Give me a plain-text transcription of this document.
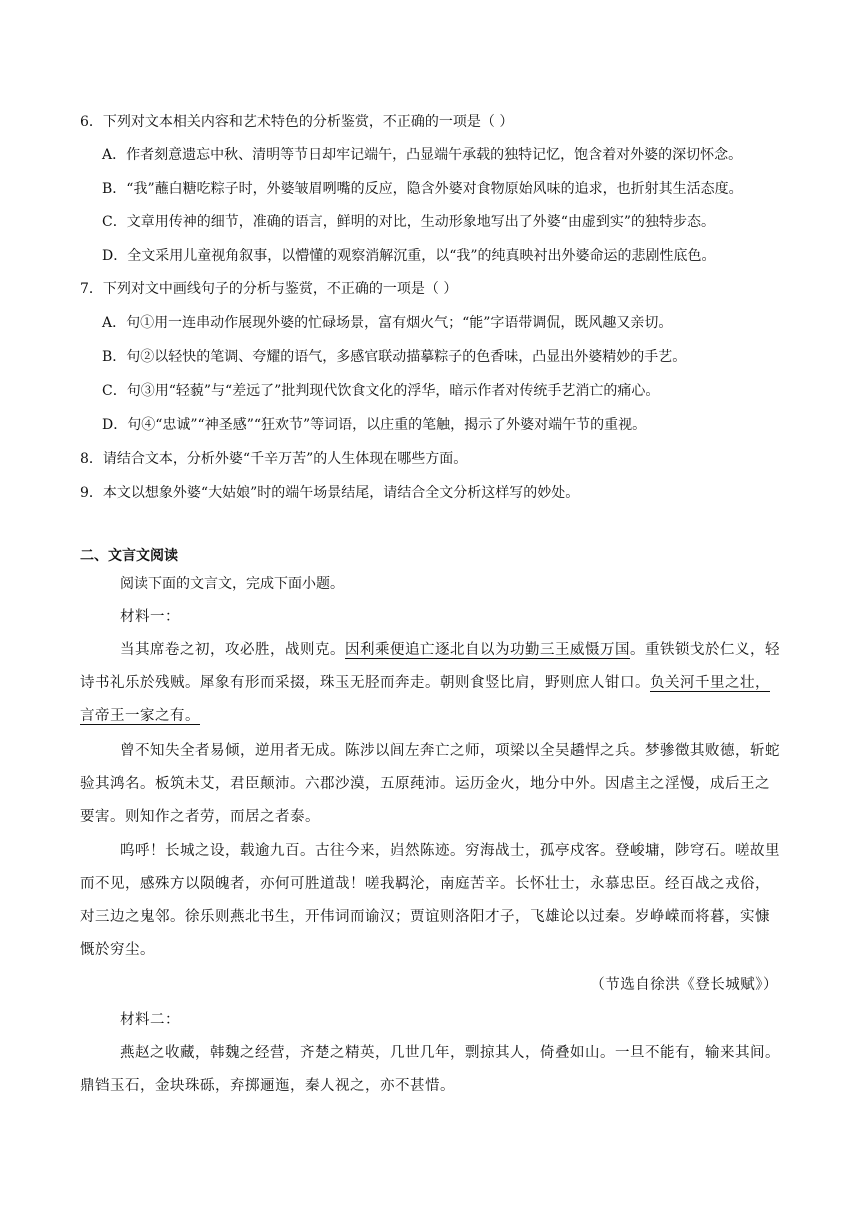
6．下列对文本相关内容和艺术特色的分析鉴赏，不正确的一项是（ ）
A．作者刻意遗忘中秋、清明等节日却牢记端午，凸显端午承载的独特记忆，饱含着对外婆的深切怀念。
B．“我”蘸白糖吃粽子时，外婆皱眉咧嘴的反应，隐含外婆对食物原始风味的追求，也折射其生活态度。
C．文章用传神的细节，准确的语言，鲜明的对比，生动形象地写出了外婆“由虚到实”的独特步态。
D．全文采用儿童视角叙事，以懵懂的观察消解沉重，以“我”的纯真映衬出外婆命运的悲剧性底色。
7．下列对文中画线句子的分析与鉴赏，不正确的一项是（ ）
A．句①用一连串动作展现外婆的忙碌场景，富有烟火气；“能”字语带调侃，既风趣又亲切。
B．句②以轻快的笔调、夸耀的语气，多感官联动描摹粽子的色香味，凸显出外婆精妙的手艺。
C．句③用“轻藐”与“差远了”批判现代饮食文化的浮华，暗示作者对传统手艺消亡的痛心。
D．句④“忠诚”“神圣感”“狂欢节”等词语，以庄重的笔触，揭示了外婆对端午节的重视。
8．请结合文本，分析外婆“千辛万苦”的人生体现在哪些方面。
9．本文以想象外婆“大姑娘”时的端午场景结尾，请结合全文分析这样写的妙处。
二、文言文阅读
阅读下面的文言文，完成下面小题。
材料一：
当其席卷之初，攻必胜，战则克。因利乘便追亡逐北自以为功勤三王威慑万国。重铁锁戈於仁义，轻
诗书礼乐於残贼。犀象有形而采掇，珠玉无胫而奔走。朝则食竖比肩，野则庶人钳口。负关河千里之壮，
言帝王一家之有。
曾不知失全者易倾，逆用者无成。陈涉以闾左奔亡之师，项梁以全吴趫悍之兵。梦骖徵其败德，斩蛇
验其鸿名。板筑未艾，君臣颠沛。六郡沙漠，五原莼沛。运历金火，地分中外。因虐主之淫慢，成后王之
要害。则知作之者劳，而居之者泰。
呜呼！长城之设，载逾九百。古往今来，岿然陈迹。穷海战士，孤亭戍客。登峻墉，陟穹石。嗟故里
而不见，感殊方以陨魄者，亦何可胜道哉！嗟我羁沦，南庭苦辛。长怀壮士，永慕忠臣。经百战之戎俗，
对三边之鬼邻。徐乐则燕北书生，开伟词而谕汉；贾谊则洛阳才子，飞雄论以过秦。岁峥嵘而将暮，实慷
慨於穷尘。
（节选自徐洪《登长城赋》）
材料二：
燕赵之收藏，韩魏之经营，齐楚之精英，几世几年，剽掠其人，倚叠如山。一旦不能有，输来其间。
鼎铛玉石，金块珠砾，弃掷逦迤，秦人视之，亦不甚惜。
